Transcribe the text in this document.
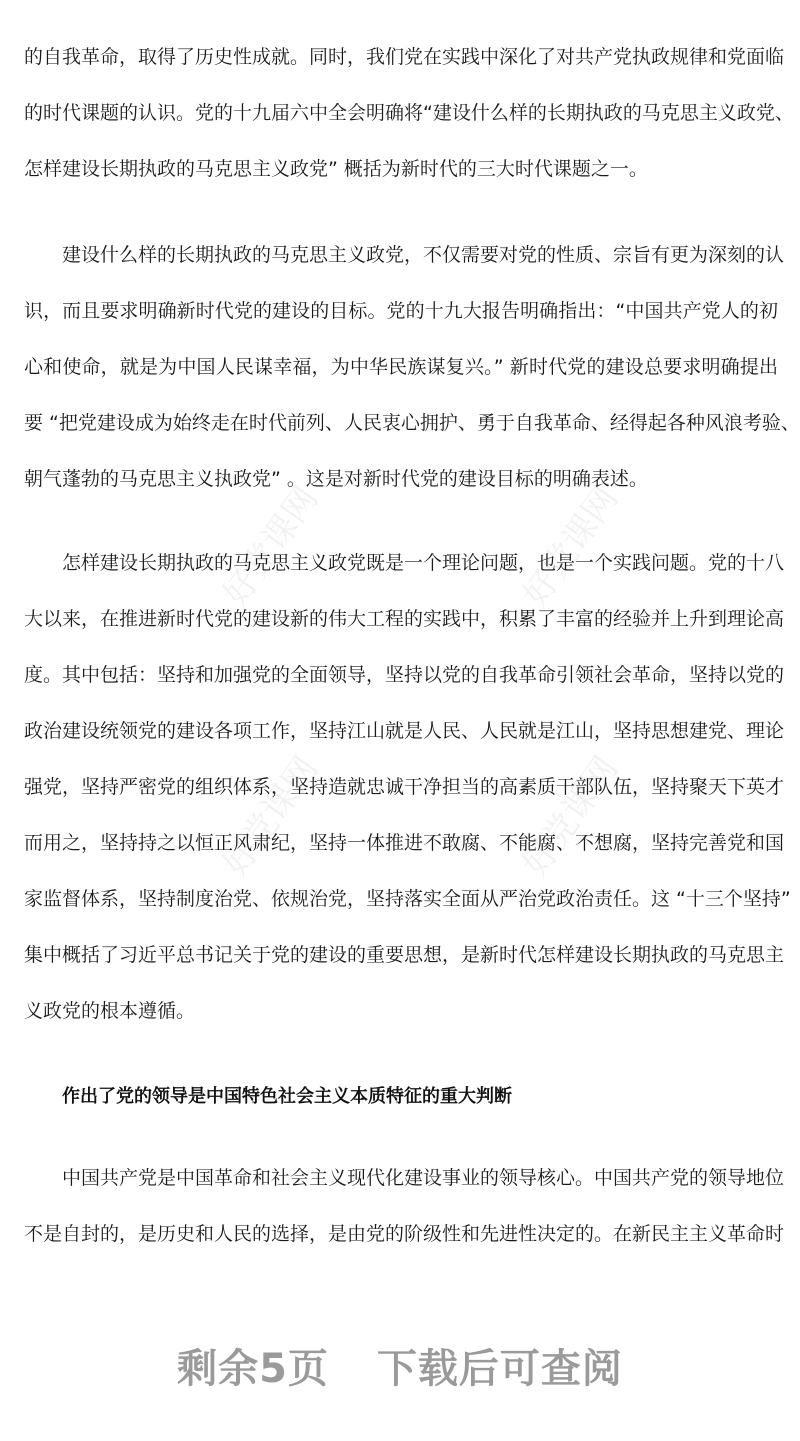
好党课网	好党课网
好党课网	好党课网
的自我革命，取得了历史性成就。同时，我们党在实践中深化了对共产党执政规律和党面临
的时代课题的认识。党的十九届六中全会明确将“建设什么样的长期执政的马克思主义政党、
怎样建设长期执政的马克思主义政党” 概括为新时代的三大时代课题之一。
建设什么样的长期执政的马克思主义政党，不仅需要对党的性质、宗旨有更为深刻的认
识，而且要求明确新时代党的建设的目标。党的十九大报告明确指出：“中国共产党人的初
心和使命，就是为中国人民谋幸福，为中华民族谋复兴。” 新时代党的建设总要求明确提出
要 “把党建设成为始终走在时代前列、人民衷心拥护、勇于自我革命、经得起各种风浪考验、
朝气蓬勃的马克思主义执政党” 。这是对新时代党的建设目标的明确表述。
怎样建设长期执政的马克思主义政党既是一个理论问题，也是一个实践问题。党的十八
大以来，在推进新时代党的建设新的伟大工程的实践中，积累了丰富的经验并上升到理论高
度。其中包括：坚持和加强党的全面领导，坚持以党的自我革命引领社会革命，坚持以党的
政治建设统领党的建设各项工作，坚持江山就是人民、人民就是江山，坚持思想建党、理论
强党，坚持严密党的组织体系，坚持造就忠诚干净担当的高素质干部队伍，坚持聚天下英才
而用之，坚持持之以恒正风肃纪，坚持一体推进不敢腐、不能腐、不想腐，坚持完善党和国
家监督体系，坚持制度治党、依规治党，坚持落实全面从严治党政治责任。这 “十三个坚持”
集中概括了习近平总书记关于党的建设的重要思想，是新时代怎样建设长期执政的马克思主
义政党的根本遵循。
作出了党的领导是中国特色社会主义本质特征的重大判断
中国共产党是中国革命和社会主义现代化建设事业的领导核心。中国共产党的领导地位
不是自封的，是历史和人民的选择，是由党的阶级性和先进性决定的。在新民主主义革命时
剩余5页 下载后可查阅
